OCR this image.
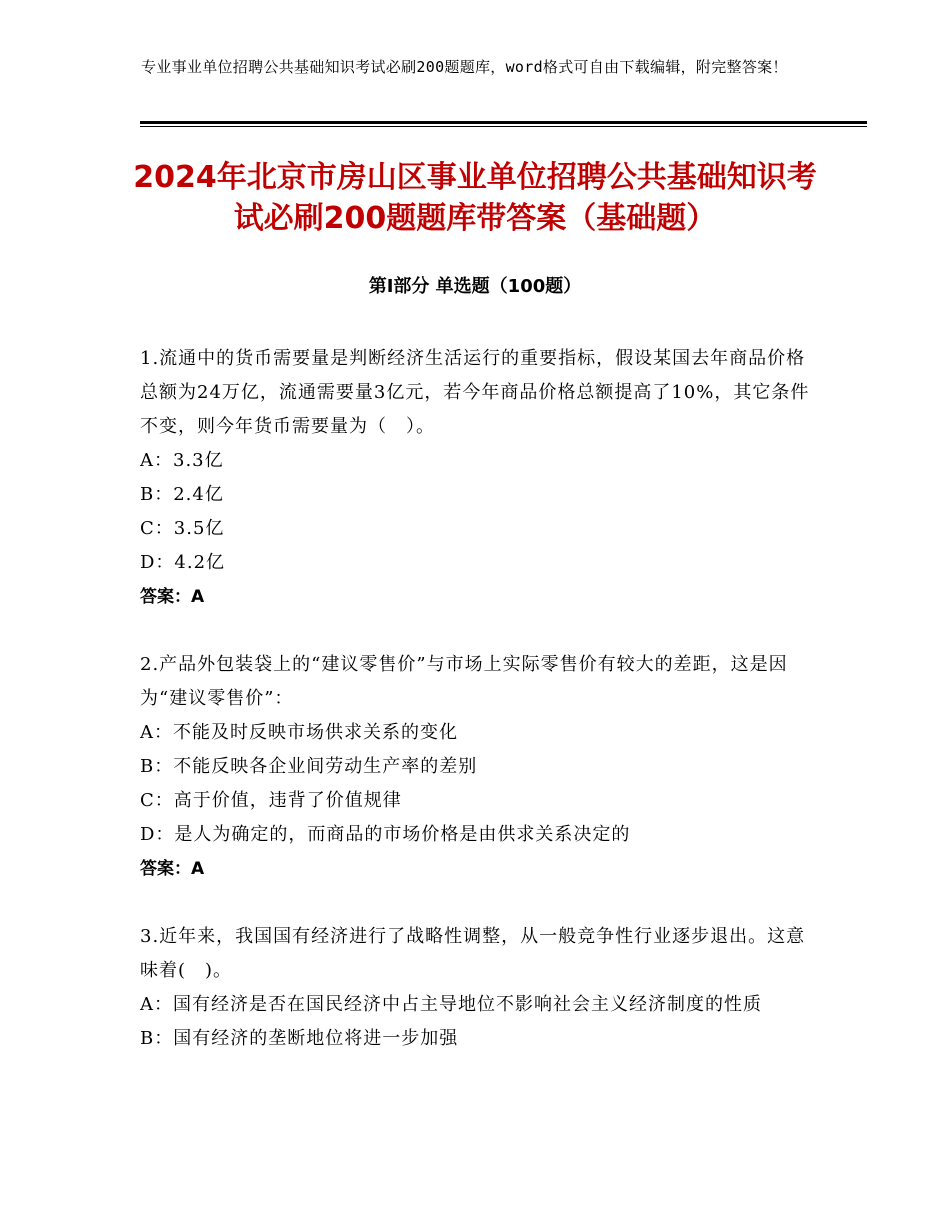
专业事业单位招聘公共基础知识考试必刷200题题库，word格式可自由下载编辑，附完整答案！
2024年北京市房山区事业单位招聘公共基础知识考试必刷200题题库带答案（基础题）
第Ⅰ部分 单选题（100题）
1.流通中的货币需要量是判断经济生活运行的重要指标，假设某国去年商品价格总额为24万亿，流通需要量3亿元，若今年商品价格总额提高了10%，其它条件不变，则今年货币需要量为（　）。
A：3.3亿
B：2.4亿
C：3.5亿
D：4.2亿
答案：A
2.产品外包装袋上的“建议零售价”与市场上实际零售价有较大的差距，这是因为“建议零售价”：
A：不能及时反映市场供求关系的变化
B：不能反映各企业间劳动生产率的差别
C：高于价值，违背了价值规律
D：是人为确定的，而商品的市场价格是由供求关系决定的
答案：A
3.近年来，我国国有经济进行了战略性调整，从一般竞争性行业逐步退出。这意味着(　)。
A：国有经济是否在国民经济中占主导地位不影响社会主义经济制度的性质
B：国有经济的垄断地位将进一步加强
